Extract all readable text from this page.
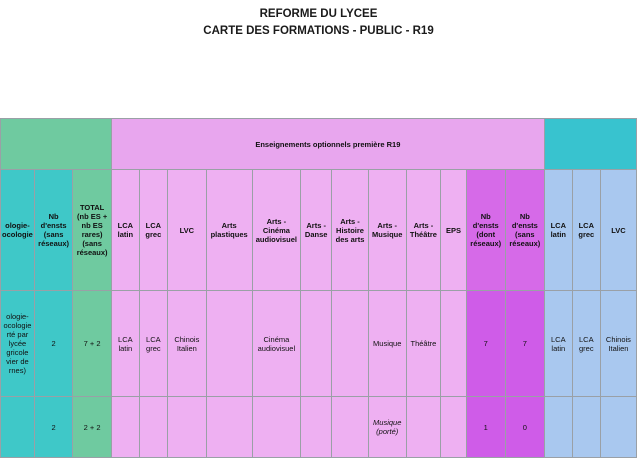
REFORME DU LYCEE
CARTE DES FORMATIONS - PUBLIC - R19
			Enseignements optionnels première R19														
ologie-
ocologie	Nb d'ensts (sans réseaux)	TOTAL (nb ES + nb ES rares) (sans réseaux)	LCA latin	LCA grec	LVC	Arts plastiques	Arts - Cinéma audiovisuel	Arts - Danse	Arts - Histoire des arts	Arts - Musique	Arts - Théâtre	EPS	Nb d'ensts (dont réseaux)	Nb d'ensts (sans réseaux)	LCA latin	LCA grec	LVC
ologie-
ocologie
rté par
lycée
gricole
vier de
rnes)	2	7 + 2	LCA latin	LCA grec	Chinois Italien		Cinéma audiovisuel			Musique	Théâtre		7	7	LCA latin	LCA grec	Chinois Italien
	2	2 + 2								Musique (porté)			1	0			
